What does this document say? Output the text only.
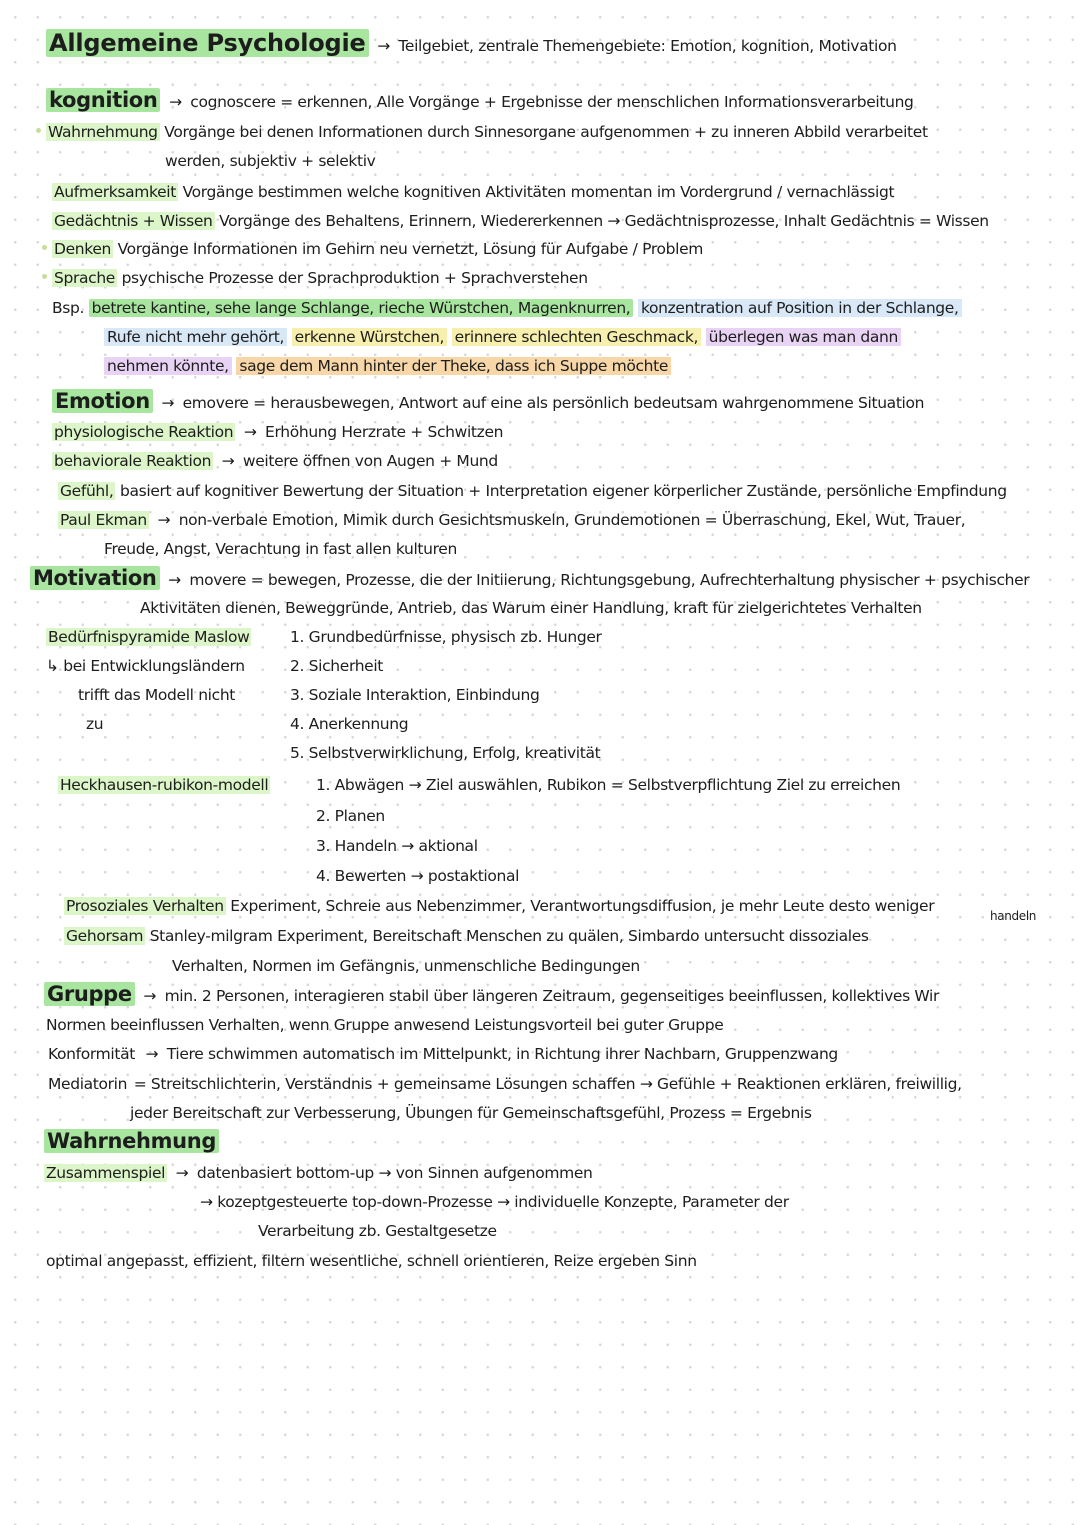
Allgemeine Psychologie → Teilgebiet, zentrale Themengebiete: Emotion, kognition, Motivation
kognition → cognoscere = erkennen, Alle Vorgänge + Ergebnisse der menschlichen Informationsverarbeitung
Wahrnehmung Vorgänge bei denen Informationen durch Sinnesorgane aufgenommen + zu inneren Abbild verarbeitet
werden, subjektiv + selektiv
Aufmerksamkeit Vorgänge bestimmen welche kognitiven Aktivitäten momentan im Vordergrund / vernachlässigt
Gedächtnis + Wissen Vorgänge des Behaltens, Erinnern, Wiedererkennen → Gedächtnisprozesse, Inhalt Gedächtnis = Wissen
Denken Vorgänge Informationen im Gehirn neu vernetzt, Lösung für Aufgabe / Problem
Sprache psychische Prozesse der Sprachproduktion + Sprachverstehen
Bsp. betrete kantine, sehe lange Schlange, rieche Würstchen, Magenknurren, konzentration auf Position in der Schlange,
Rufe nicht mehr gehört, erkenne Würstchen, erinnere schlechten Geschmack, überlegen was man dann
nehmen könnte, sage dem Mann hinter der Theke, dass ich Suppe möchte
Emotion → emovere = herausbewegen, Antwort auf eine als persönlich bedeutsam wahrgenommene Situation
physiologische Reaktion → Erhöhung Herzrate + Schwitzen
behaviorale Reaktion → weitere öffnen von Augen + Mund
Gefühl, basiert auf kognitiver Bewertung der Situation + Interpretation eigener körperlicher Zustände, persönliche Empfindung
Paul Ekman → non-verbale Emotion, Mimik durch Gesichtsmuskeln, Grundemotionen = Überraschung, Ekel, Wut, Trauer,
Freude, Angst, Verachtung in fast allen kulturen
Motivation → movere = bewegen, Prozesse, die der Initiierung, Richtungsgebung, Aufrechterhaltung physischer + psychischer
Aktivitäten dienen, Beweggründe, Antrieb, das Warum einer Handlung, kraft für zielgerichtetes Verhalten
Bedürfnispyramide Maslow
↳ bei Entwicklungsländern
trifft das Modell nicht
zu
1. Grundbedürfnisse, physisch zb. Hunger
2. Sicherheit
3. Soziale Interaktion, Einbindung
4. Anerkennung
5. Selbstverwirklichung, Erfolg, kreativität
Heckhausen-rubikon-modell	1. Abwägen → Ziel auswählen, Rubikon = Selbstverpflichtung Ziel zu erreichen
2. Planen
3. Handeln → aktional
4. Bewerten → postaktional
Prosoziales Verhalten Experiment, Schreie aus Nebenzimmer, Verantwortungsdiffusion, je mehr Leute desto weniger
handeln
Gehorsam Stanley-milgram Experiment, Bereitschaft Menschen zu quälen, Simbardo untersucht dissoziales
Verhalten, Normen im Gefängnis, unmenschliche Bedingungen
Gruppe → min. 2 Personen, interagieren stabil über längeren Zeitraum, gegenseitiges beeinflussen, kollektives Wir
Normen beeinflussen Verhalten, wenn Gruppe anwesend Leistungsvorteil bei guter Gruppe
Konformität → Tiere schwimmen automatisch im Mittelpunkt, in Richtung ihrer Nachbarn, Gruppenzwang
Mediatorin = Streitschlichterin, Verständnis + gemeinsame Lösungen schaffen → Gefühle + Reaktionen erklären, freiwillig,
jeder Bereitschaft zur Verbesserung, Übungen für Gemeinschaftsgefühl, Prozess = Ergebnis
Wahrnehmung
Zusammenspiel → datenbasiert bottom-up → von Sinnen aufgenommen
→ kozeptgesteuerte top-down-Prozesse → individuelle Konzepte, Parameter der
Verarbeitung zb. Gestaltgesetze
optimal angepasst, effizient, filtern wesentliche, schnell orientieren, Reize ergeben Sinn
